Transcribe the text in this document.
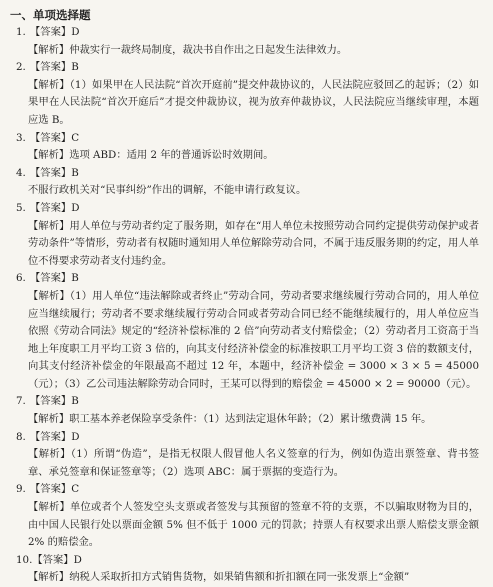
一、单项选择题
1. 【答案】D
【解析】仲裁实行一裁终局制度，裁决书自作出之日起发生法律效力。
2. 【答案】B
【解析】（1）如果甲在人民法院“首次开庭前”提交仲裁协议的，人民法院应驳回乙的起诉；（2）如果甲在人民法院“首次开庭后”才提交仲裁协议，视为放弃仲裁协议，人民法院应当继续审理，本题应选 B。
3. 【答案】C
【解析】选项 ABD：适用 2 年的普通诉讼时效期间。
4. 【答案】B
不服行政机关对“民事纠纷”作出的调解，不能申请行政复议。
5. 【答案】D
【解析】用人单位与劳动者约定了服务期，如存在“用人单位未按照劳动合同约定提供劳动保护或者劳动条件”等情形，劳动者有权随时通知用人单位解除劳动合同，不属于违反服务期的约定，用人单位不得要求劳动者支付违约金。
6. 【答案】B
【解析】（1）用人单位“违法解除或者终止”劳动合同，劳动者要求继续履行劳动合同的，用人单位应当继续履行；劳动者不要求继续履行劳动合同或者劳动合同已经不能继续履行的，用人单位应当依照《劳动合同法》规定的“经济补偿标准的 2 倍”向劳动者支付赔偿金；（2）劳动者月工资高于当地上年度职工月平均工资 3 倍的，向其支付经济补偿金的标准按职工月平均工资 3 倍的数额支付，向其支付经济补偿金的年限最高不超过 12 年，本题中，经济补偿金 = 3000 × 3 × 5 = 45000（元）；（3）乙公司违法解除劳动合同时，王某可以得到的赔偿金 = 45000 × 2 = 90000（元）。
7. 【答案】B
【解析】职工基本养老保险享受条件：（1）达到法定退休年龄；（2）累计缴费满 15 年。
8. 【答案】D
【解析】（1）所谓“伪造”，是指无权限人假冒他人名义签章的行为，例如伪造出票签章、背书签章、承兑签章和保证签章等；（2）选项 ABC：属于票据的变造行为。
9. 【答案】C
【解析】单位或者个人签发空头支票或者签发与其预留的签章不符的支票，不以骗取财物为目的，由中国人民银行处以票面金额 5% 但不低于 1000 元的罚款；持票人有权要求出票人赔偿支票金额 2% 的赔偿金。
10.【答案】D
【解析】纳税人采取折扣方式销售货物，如果销售额和折扣额在同一张发票上“金额”
